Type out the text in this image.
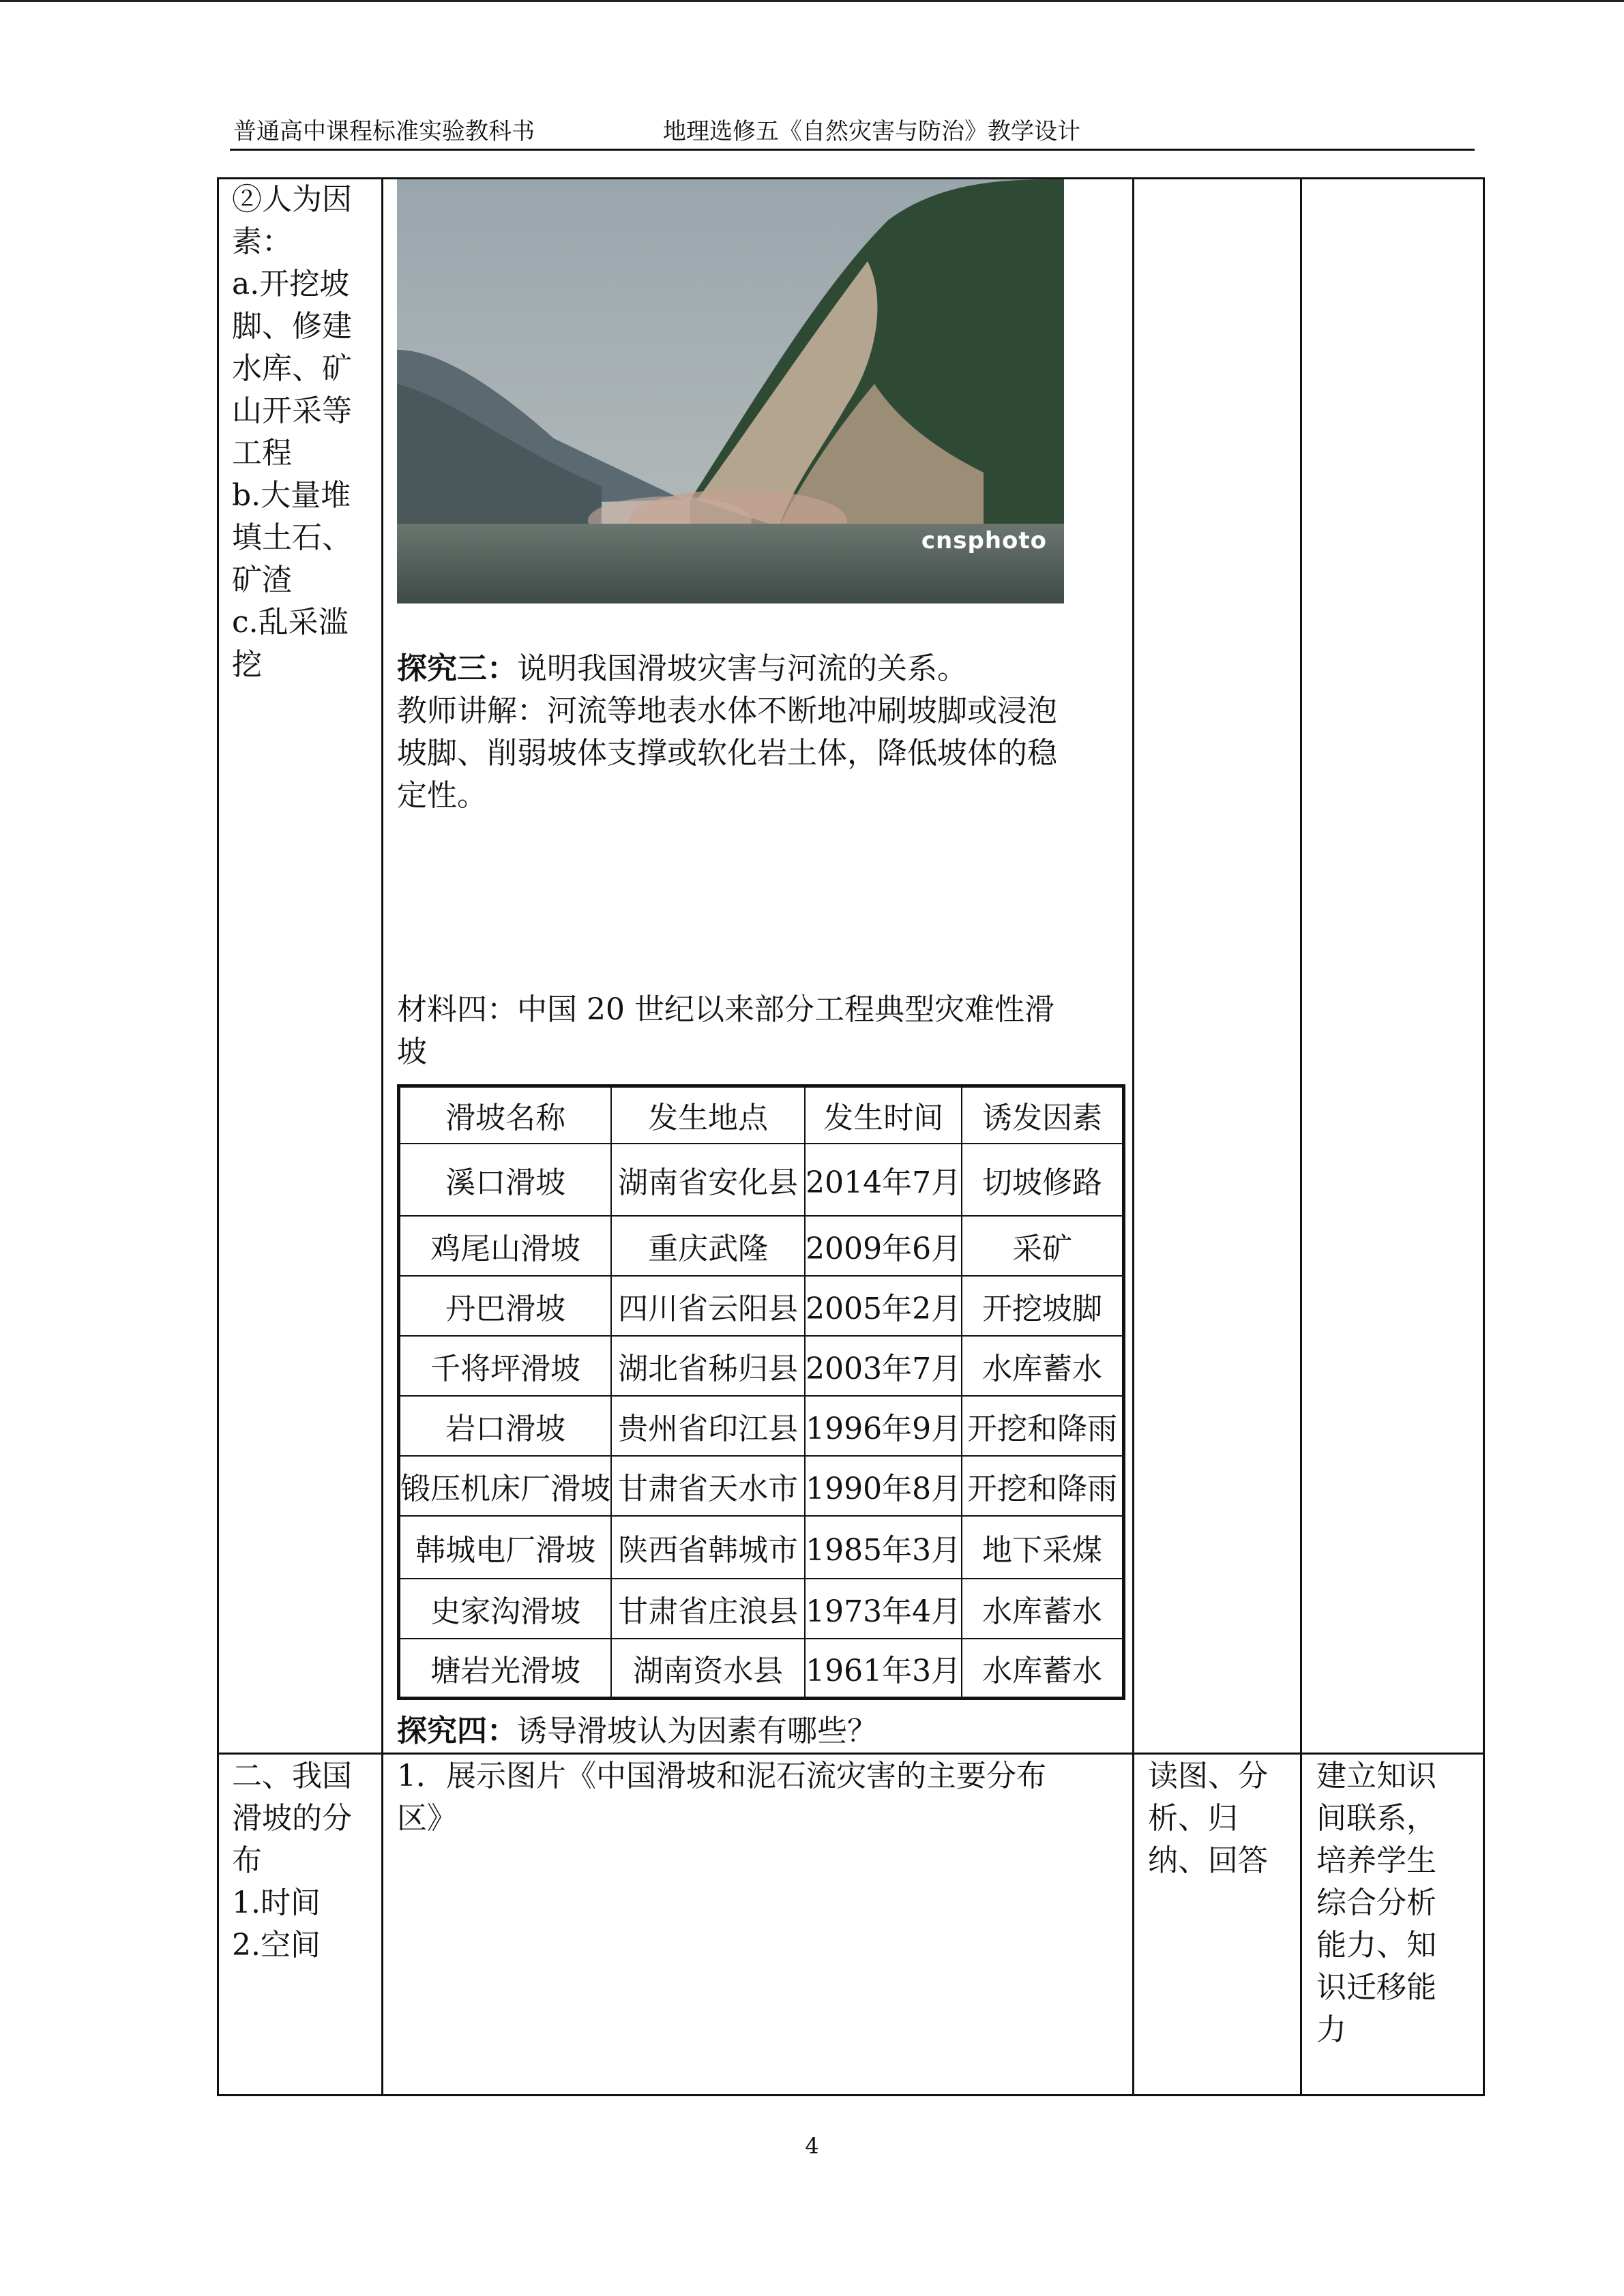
普通高中课程标准实验教科书	地理选修五《自然灾害与防治》教学设计
②人为因
素：
a.开挖坡
脚、修建
水库、矿
山开采等
工程
b.大量堆
填土石、
矿渣
c.乱采滥
挖
cnsphoto
探究三：说明我国滑坡灾害与河流的关系。
教师讲解：河流等地表水体不断地冲刷坡脚或浸泡
坡脚、削弱坡体支撑或软化岩土体，降低坡体的稳
定性。
材料四：中国 20 世纪以来部分工程典型灾难性滑
坡
滑坡名称	发生地点	发生时间	诱发因素
溪口滑坡	湖南省安化县	2014年7月	切坡修路
鸡尾山滑坡	重庆武隆	2009年6月	采矿
丹巴滑坡	四川省云阳县	2005年2月	开挖坡脚
千将坪滑坡	湖北省秭归县	2003年7月	水库蓄水
岩口滑坡	贵州省印江县	1996年9月	开挖和降雨
锻压机床厂滑坡	甘肃省天水市	1990年8月	开挖和降雨
韩城电厂滑坡	陕西省韩城市	1985年3月	地下采煤
史家沟滑坡	甘肃省庄浪县	1973年4月	水库蓄水
塘岩光滑坡	湖南资水县	1961年3月	水库蓄水
探究四：诱导滑坡认为因素有哪些？
二、我国
滑坡的分
布
1.时间
2.空间
1．展示图片《中国滑坡和泥石流灾害的主要分布
区》
读图、分
析、归
纳、回答
建立知识
间联系，
培养学生
综合分析
能力、知
识迁移能
力
4
